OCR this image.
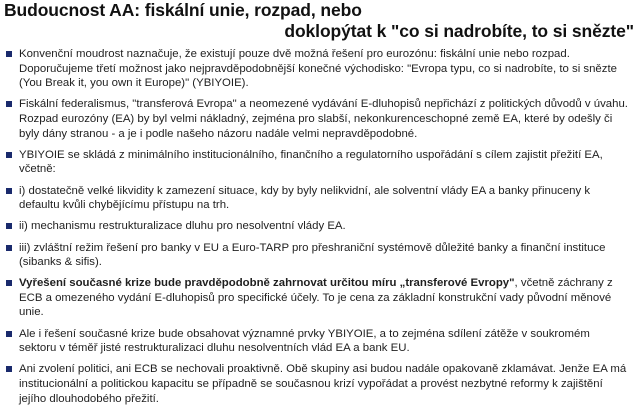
Budoucnost AA: fiskální unie, rozpad, nebo
doklopýtat k "co si nadrobíte, to si snězte"
Konvenční moudrost naznačuje, že existují pouze dvě možná řešení pro eurozónu: fiskální unie nebo rozpad. Doporučujeme třetí možnost jako nejpravděpodobnější konečné východisko: "Evropa typu, co si nadrobíte, to si snězte (You Break it, you own it Europe)" (YBIYOIE).
Fiskální federalismus, "transferová Evropa" a neomezené vydávání E-dluhopisů nepřichází z politických důvodů v úvahu. Rozpad eurozóny (EA) by byl velmi nákladný, zejména pro slabší, nekonkurenceschopné země EA, které by odešly či byly dány stranou - a je i podle našeho názoru nadále velmi nepravděpodobné.
YBIYOIE se skládá z minimálního institucionálního, finančního a regulatorního uspořádání s cílem zajistit přežití EA, včetně:
i) dostatečně velké likvidity k zamezení situace, kdy by byly nelikvidní, ale solventní vlády EA a banky přinuceny k defaultu kvůli chybějícímu přístupu na trh.
ii) mechanismu restrukturalizace dluhu pro nesolventní vlády EA.
iii) zvláštní režim řešení pro banky v EU a Euro-TARP pro přeshraniční systémově důležité banky a finanční instituce (sibanks & sifis).
Vyřešení současné krize bude pravděpodobně zahrnovat určitou míru „transferové Evropy", včetně záchrany z ECB a omezeného vydání E-dluhopisů pro specifické účely. To je cena za základní konstrukční vady původní měnové unie.
Ale i řešení současné krize bude obsahovat významné prvky YBIYOIE, a to zejména sdílení zátěže v soukromém sektoru v téměř jisté restrukturalizaci dluhu nesolventních vlád EA a bank EU.
Ani zvolení politici, ani ECB se nechovali proaktivně. Obě skupiny asi budou nadále opakovaně zklamávat. Jenže EA má institucionální a politickou kapacitu se případně se současnou krizí vypořádat a provést nezbytné reformy k zajištění jejího dlouhodobého přežití.
